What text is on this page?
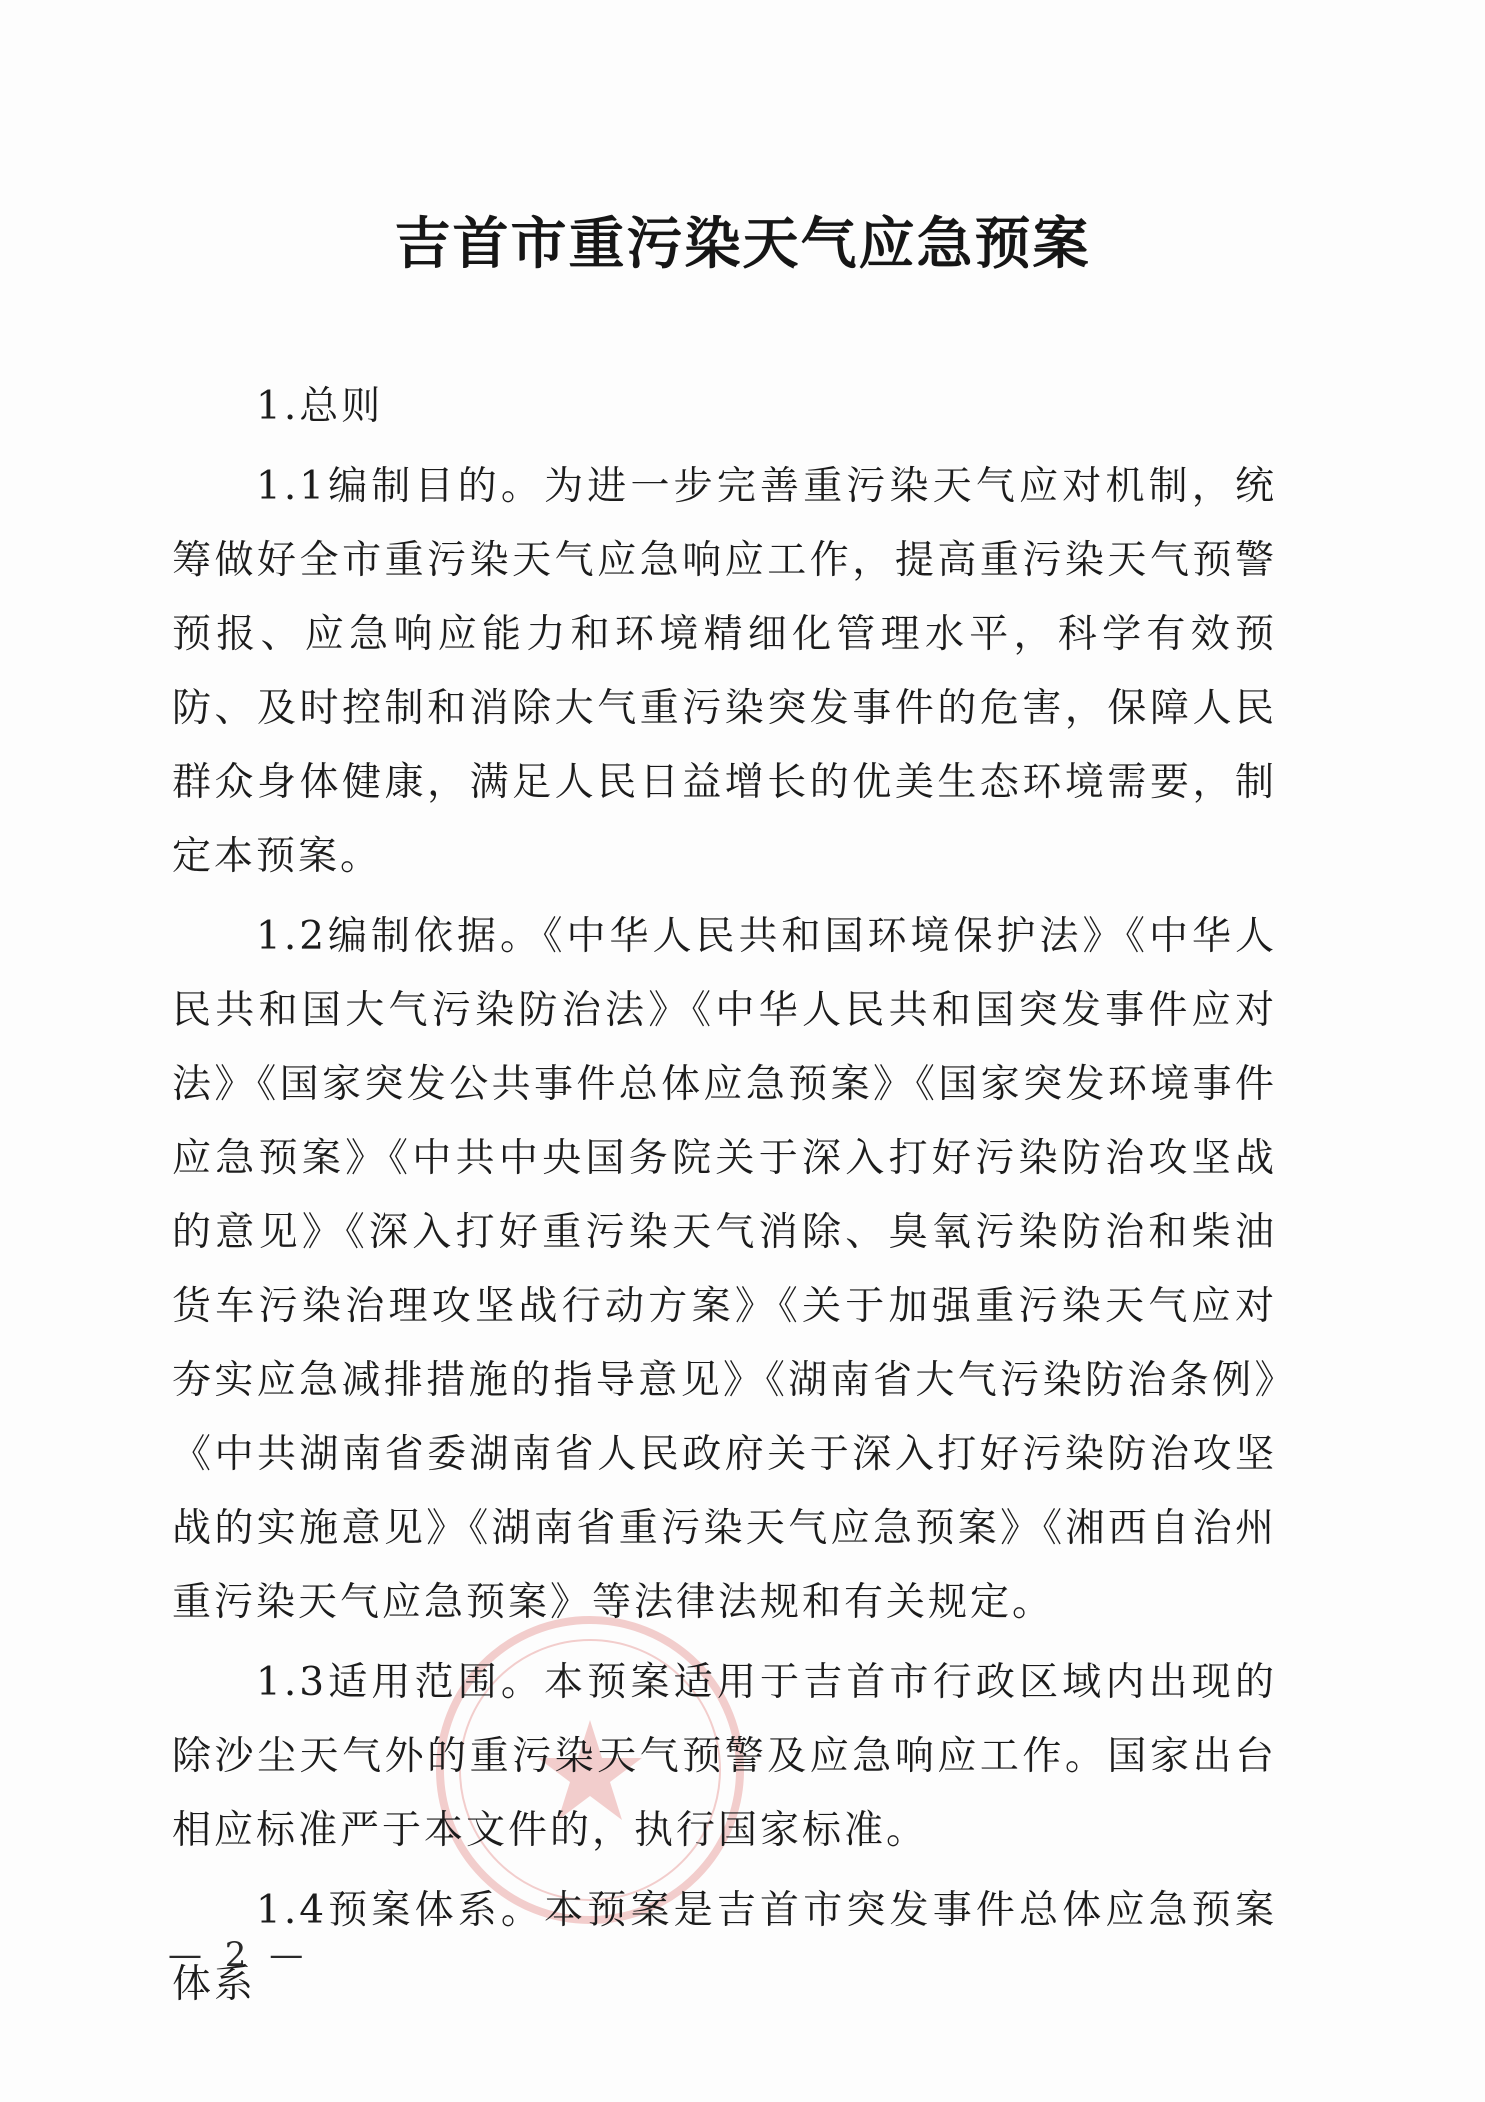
吉首市重污染天气应急预案

1.总则

1.1编制目的。为进一步完善重污染天气应对机制，统筹做好全市重污染天气应急响应工作，提高重污染天气预警预报、应急响应能力和环境精细化管理水平，科学有效预防、及时控制和消除大气重污染突发事件的危害，保障人民群众身体健康，满足人民日益增长的优美生态环境需要，制定本预案。

1.2编制依据。《中华人民共和国环境保护法》《中华人民共和国大气污染防治法》《中华人民共和国突发事件应对法》《国家突发公共事件总体应急预案》《国家突发环境事件应急预案》《中共中央国务院关于深入打好污染防治攻坚战的意见》《深入打好重污染天气消除、臭氧污染防治和柴油货车污染治理攻坚战行动方案》《关于加强重污染天气应对夯实应急减排措施的指导意见》《湖南省大气污染防治条例》《中共湖南省委湖南省人民政府关于深入打好污染防治攻坚战的实施意见》《湖南省重污染天气应急预案》《湘西自治州重污染天气应急预案》等法律法规和有关规定。

1.3适用范围。本预案适用于吉首市行政区域内出现的除沙尘天气外的重污染天气预警及应急响应工作。国家出台相应标准严于本文件的，执行国家标准。

1.4预案体系。本预案是吉首市突发事件总体应急预案体系

— 2 —
